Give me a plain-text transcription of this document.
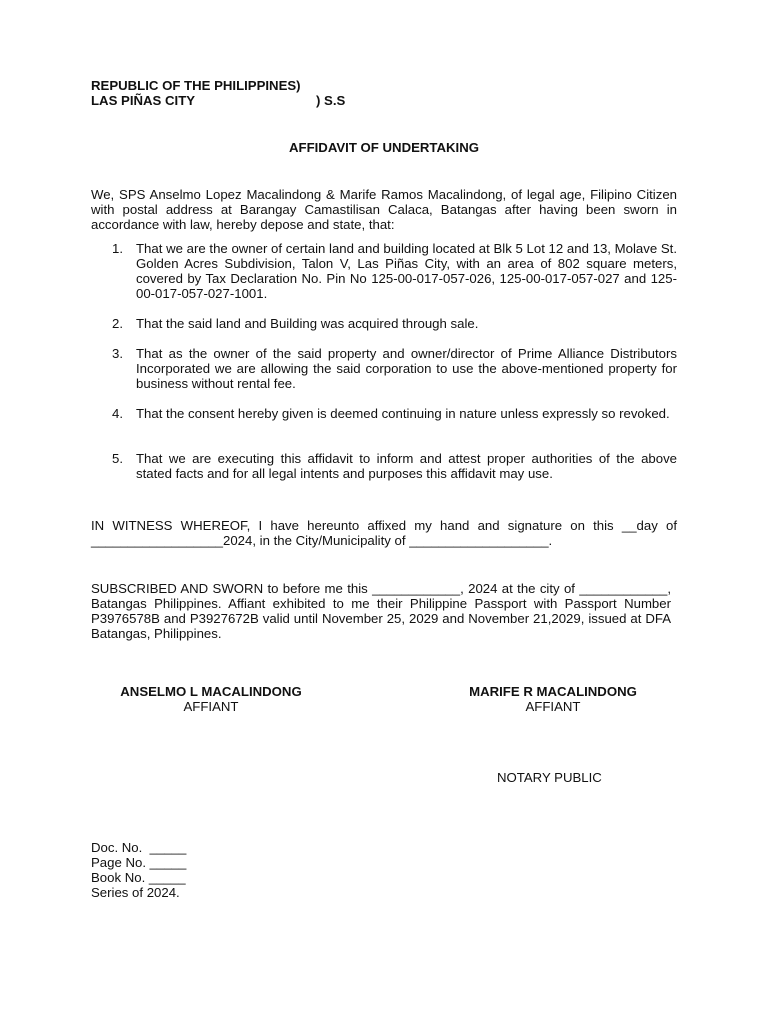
REPUBLIC OF THE PHILIPPINES)
LAS PIÑAS CITY	) S.S
AFFIDAVIT OF UNDERTAKING
We, SPS Anselmo Lopez Macalindong & Marife Ramos Macalindong, of legal age, Filipino Citizen with postal address at Barangay Camastilisan Calaca, Batangas after having been sworn in accordance with law, hereby depose and state, that:
1. That we are the owner of certain land and building located at Blk 5 Lot 12 and 13, Molave St. Golden Acres Subdivision, Talon V, Las Piñas City, with an area of 802 square meters, covered by Tax Declaration No. Pin No 125-00-017-057-026, 125-00-017-057-027 and 125-00-017-057-027-1001.
2. That the said land and Building was acquired through sale.
3. That as the owner of the said property and owner/director of Prime Alliance Distributors Incorporated we are allowing the said corporation to use the above-mentioned property for business without rental fee.
4. That the consent hereby given is deemed continuing in nature unless expressly so revoked.
5. That we are executing this affidavit to inform and attest proper authorities of the above stated facts and for all legal intents and purposes this affidavit may use.
IN WITNESS WHEREOF, I have hereunto affixed my hand and signature on this __day of __________________2024, in the City/Municipality of ___________________.
SUBSCRIBED AND SWORN to before me this ____________, 2024 at the city of ____________, Batangas Philippines. Affiant exhibited to me their Philippine Passport with Passport Number P3976578B and P3927672B valid until November 25, 2029 and November 21,2029, issued at DFA Batangas, Philippines.
ANSELMO L MACALINDONG
AFFIANT
MARIFE R MACALINDONG
AFFIANT
NOTARY PUBLIC
Doc. No.  _____
Page No. _____
Book No. _____
Series of 2024.
